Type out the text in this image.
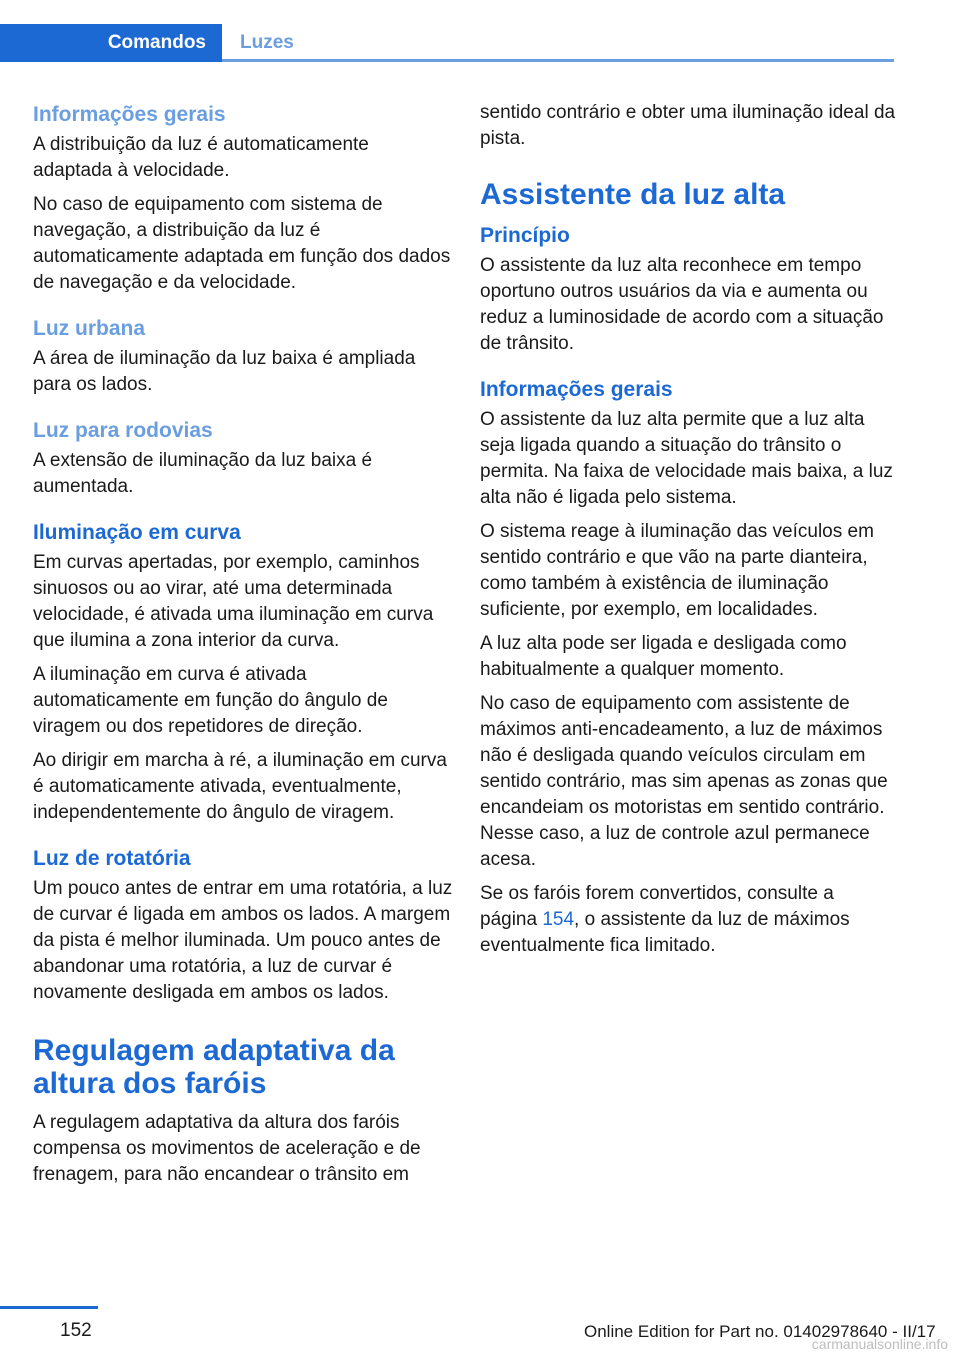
Comandos	Luzes
Informações gerais

A distribuição da luz é automaticamente adaptada à velocidade.

No caso de equipamento com sistema de navegação, a distribuição da luz é automaticamente adaptada em função dos dados de navegação e da velocidade.

Luz urbana

A área de iluminação da luz baixa é ampliada para os lados.

Luz para rodovias

A extensão de iluminação da luz baixa é aumentada.

Iluminação em curva

Em curvas apertadas, por exemplo, caminhos sinuosos ou ao virar, até uma determinada velocidade, é ativada uma iluminação em curva que ilumina a zona interior da curva.

A iluminação em curva é ativada automaticamente em função do ângulo de viragem ou dos repetidores de direção.

Ao dirigir em marcha à ré, a iluminação em curva é automaticamente ativada, eventualmente, independentemente do ângulo de viragem.

Luz de rotatória

Um pouco antes de entrar em uma rotatória, a luz de curvar é ligada em ambos os lados. A margem da pista é melhor iluminada. Um pouco antes de abandonar uma rotatória, a luz de curvar é novamente desligada em ambos os lados.

Regulagem adaptativa da altura dos faróis

A regulagem adaptativa da altura dos faróis compensa os movimentos de aceleração e de frenagem, para não encandear o trânsito em

sentido contrário e obter uma iluminação ideal da pista.

Assistente da luz alta
Princípio

O assistente da luz alta reconhece em tempo oportuno outros usuários da via e aumenta ou reduz a luminosidade de acordo com a situação de trânsito.

Informações gerais

O assistente da luz alta permite que a luz alta seja ligada quando a situação do trânsito o permita. Na faixa de velocidade mais baixa, a luz alta não é ligada pelo sistema.

O sistema reage à iluminação das veículos em sentido contrário e que vão na parte dianteira, como também à existência de iluminação suficiente, por exemplo, em localidades.

A luz alta pode ser ligada e desligada como habitualmente a qualquer momento.

No caso de equipamento com assistente de máximos anti-encadeamento, a luz de máximos não é desligada quando veículos circulam em sentido contrário, mas sim apenas as zonas que encandeiam os motoristas em sentido contrário. Nesse caso, a luz de controle azul permanece acesa.

Se os faróis forem convertidos, consulte a página 154, o assistente da luz de máximos eventualmente fica limitado.

152	Online Edition for Part no. 01402978640 - II/17
carmanualsonline.info
